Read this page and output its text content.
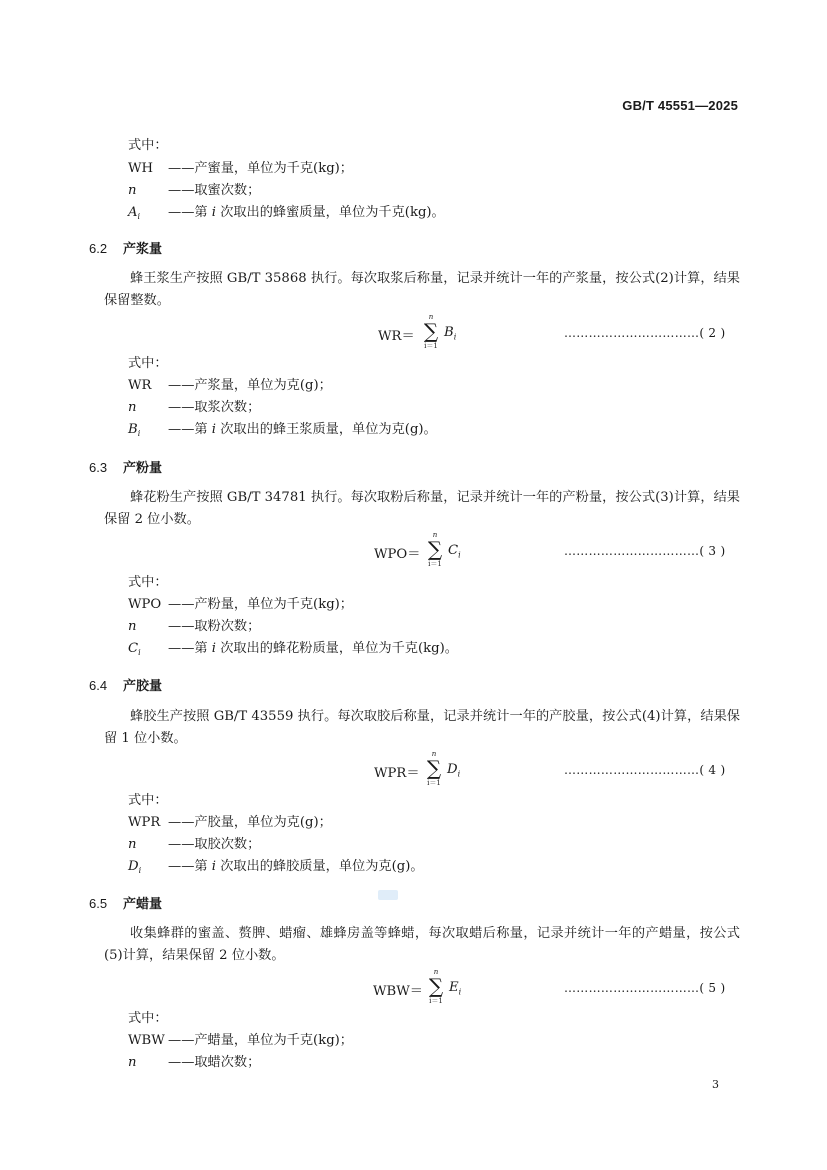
GB/T 45551—2025
式中：
WH ——产蜜量，单位为千克(kg)；
n ——取蜜次数；
$A_i$ ——第 i 次取出的蜂蜜质量，单位为千克(kg)。
6.2 产浆量
蜂王浆生产按照 GB/T 35868 执行。每次取浆后称量，记录并统计一年的产浆量，按公式(2)计算，结果保留整数。
WR＝
n
∑
i＝1
$B_i$	……………………………( 2 )
式中：
WR ——产浆量，单位为克(g)；
n ——取浆次数；
$B_i$ ——第 i 次取出的蜂王浆质量，单位为克(g)。
6.3 产粉量
蜂花粉生产按照 GB/T 34781 执行。每次取粉后称量，记录并统计一年的产粉量，按公式(3)计算，结果保留 2 位小数。
WPO＝
n
∑
i＝1
$C_i$	……………………………( 3 )
式中：
WPO ——产粉量，单位为千克(kg)；
n ——取粉次数；
$C_i$ ——第 i 次取出的蜂花粉质量，单位为千克(kg)。
6.4 产胶量
蜂胶生产按照 GB/T 43559 执行。每次取胶后称量，记录并统计一年的产胶量，按公式(4)计算，结果保留 1 位小数。
WPR＝
n
∑
i＝1
$D_i$	……………………………( 4 )
式中：
WPR ——产胶量，单位为克(g)；
n ——取胶次数；
$D_i$ ——第 i 次取出的蜂胶质量，单位为克(g)。
6.5 产蜡量
收集蜂群的蜜盖、赘脾、蜡瘤、雄蜂房盖等蜂蜡，每次取蜡后称量，记录并统计一年的产蜡量，按公式(5)计算，结果保留 2 位小数。
WBW＝
n
∑
i＝1
$E_i$	……………………………( 5 )
式中：
WBW ——产蜡量，单位为千克(kg)；
n ——取蜡次数；
3
